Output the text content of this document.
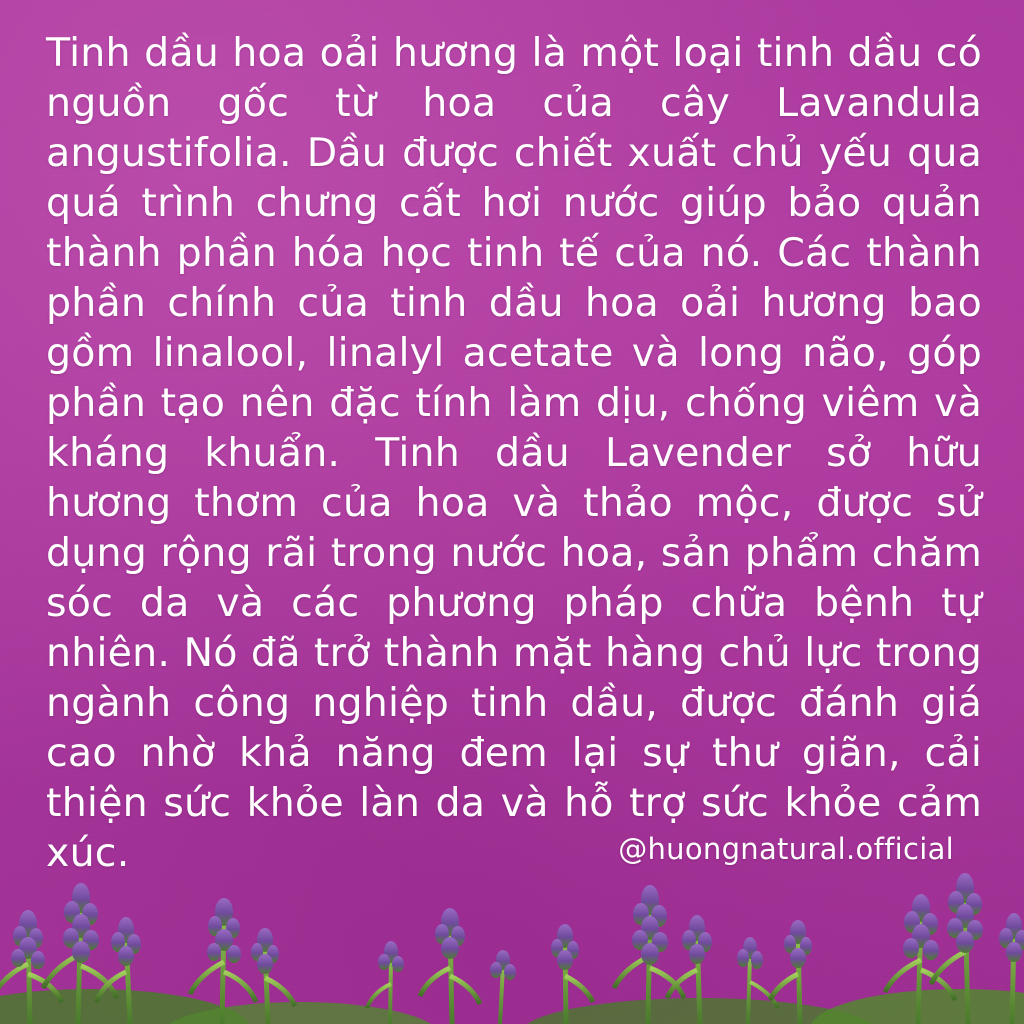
Tinh dầu hoa oải hương là một loại tinh dầu có nguồn gốc từ hoa của cây Lavandula angustifolia. Dầu được chiết xuất chủ yếu qua quá trình chưng cất hơi nước giúp bảo quản thành phần hóa học tinh tế của nó. Các thành phần chính của tinh dầu hoa oải hương bao gồm linalool, linalyl acetate và long não, góp phần tạo nên đặc tính làm dịu, chống viêm và kháng khuẩn. Tinh dầu Lavender sở hữu hương thơm của hoa và thảo mộc, được sử dụng rộng rãi trong nước hoa, sản phẩm chăm sóc da và các phương pháp chữa bệnh tự nhiên. Nó đã trở thành mặt hàng chủ lực trong ngành công nghiệp tinh dầu, được đánh giá cao nhờ khả năng đem lại sự thư giãn, cải thiện sức khỏe làn da và hỗ trợ sức khỏe cảm xúc.	@huongnatural.official
